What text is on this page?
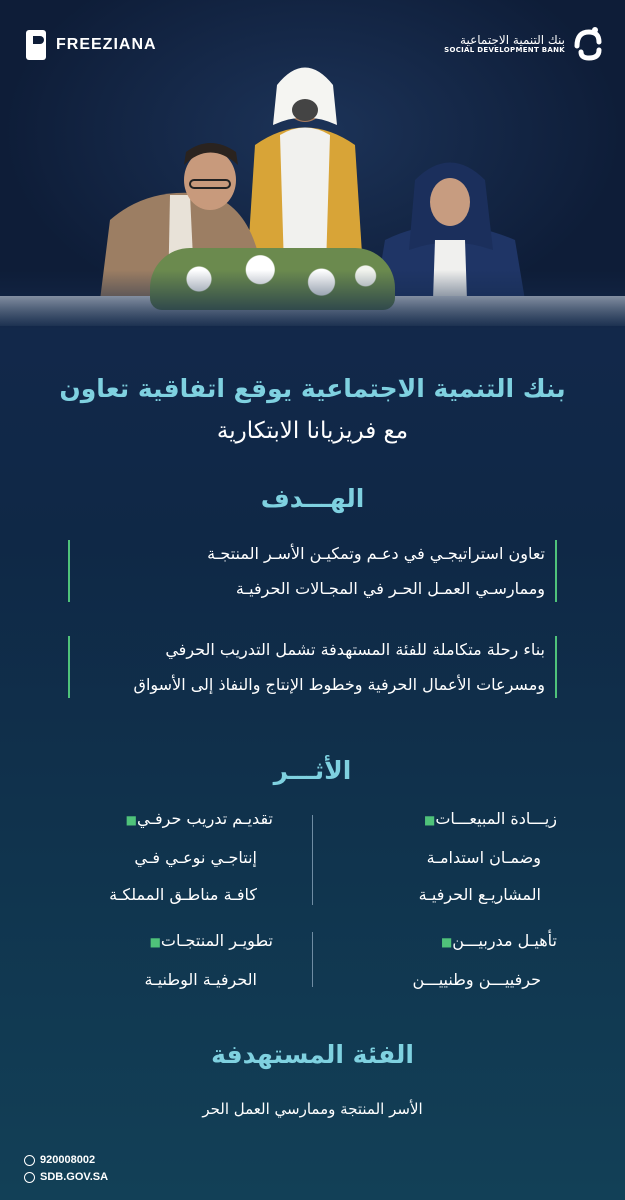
FREEZIANA	بنك التنمية الاجتماعية
SOCIAL DEVELOPMENT BANK
بنك التنمية الاجتماعية يوقع اتفاقية تعاون
مع فريزيانا الابتكارية
الهـــدف
تعاون استراتيجـي في دعـم وتمكيـن الأسـر المنتجـة
وممارسـي العمـل الحـر في المجـالات الحرفيـة
بناء رحلة متكاملة للفئة المستهدفة تشمل التدريب الحرفي
ومسرعات الأعمال الحرفية وخطوط الإنتاج والنفاذ إلى الأسواق
الأثـــر
زيـــادة المبيعـــات■
وضمـان استدامـة
المشاريـع الحرفيـة
تأهيـل مدربيـــن■
حرفييـــن وطنييـــن
تقديـم تدريب حرفـي■
إنتاجـي نوعـي فـي
كافـة مناطـق المملكـة
تطويـر المنتجـات■
الحرفيـة الوطنيـة
الفئة المستهدفة
الأسر المنتجة وممارسي العمل الحر
920008002
SDB.GOV.SA
